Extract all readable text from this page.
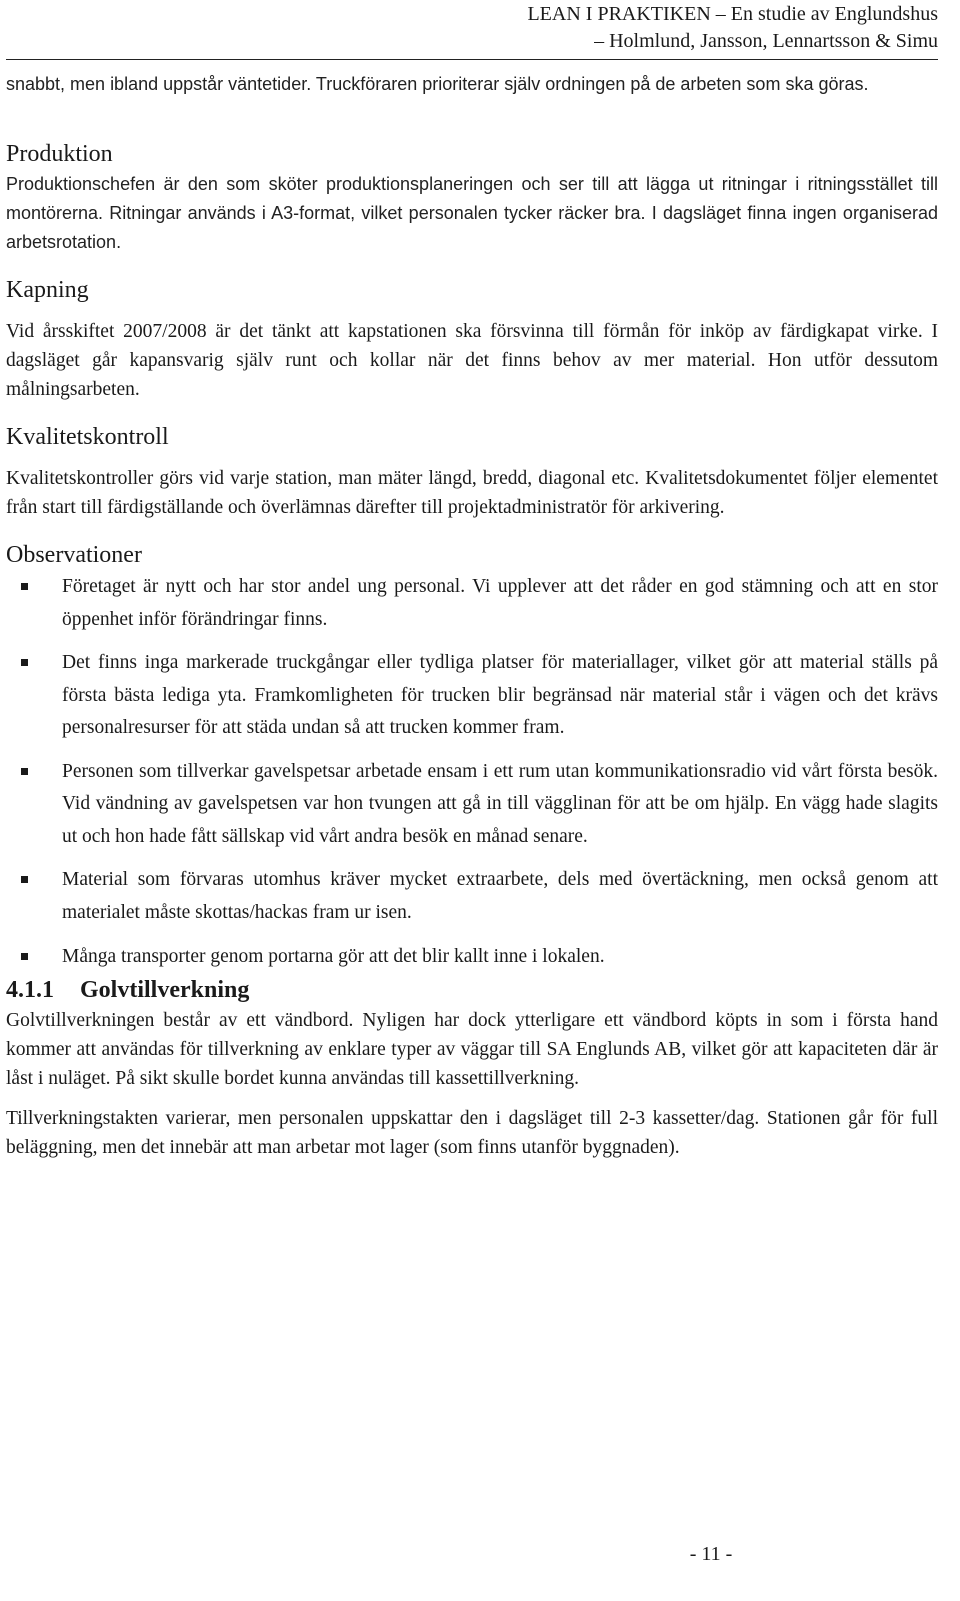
LEAN I PRAKTIKEN – En studie av Englundshus
– Holmlund, Jansson, Lennartsson & Simu

snabbt, men ibland uppstår väntetider. Truckföraren prioriterar själv ordningen på de arbeten som ska göras.

Produktion

Produktionschefen är den som sköter produktionsplaneringen och ser till att lägga ut ritningar i ritningsstället till montörerna. Ritningar används i A3-format, vilket personalen tycker räcker bra. I dagsläget finna ingen organiserad arbetsrotation.

Kapning

Vid årsskiftet 2007/2008 är det tänkt att kapstationen ska försvinna till förmån för inköp av färdigkapat virke. I dagsläget går kapansvarig själv runt och kollar när det finns behov av mer material. Hon utför dessutom målningsarbeten.

Kvalitetskontroll

Kvalitetskontroller görs vid varje station, man mäter längd, bredd, diagonal etc. Kvalitetsdokumentet följer elementet från start till färdigställande och överlämnas därefter till projektadministratör för arkivering.

Observationer
Företaget är nytt och har stor andel ung personal. Vi upplever att det råder en god stämning och att en stor öppenhet inför förändringar finns.
Det finns inga markerade truckgångar eller tydliga platser för materiallager, vilket gör att material ställs på första bästa lediga yta. Framkomligheten för trucken blir begränsad när material står i vägen och det krävs personalresurser för att städa undan så att trucken kommer fram.
Personen som tillverkar gavelspetsar arbetade ensam i ett rum utan kommunikationsradio vid vårt första besök. Vid vändning av gavelspetsen var hon tvungen att gå in till vägglinan för att be om hjälp. En vägg hade slagits ut och hon hade fått sällskap vid vårt andra besök en månad senare.
Material som förvaras utomhus kräver mycket extraarbete, dels med övertäckning, men också genom att materialet måste skottas/hackas fram ur isen.
Många transporter genom portarna gör att det blir kallt inne i lokalen.
4.1.1 Golvtillverkning

Golvtillverkningen består av ett vändbord. Nyligen har dock ytterligare ett vändbord köpts in som i första hand kommer att användas för tillverkning av enklare typer av väggar till SA Englunds AB, vilket gör att kapaciteten där är låst i nuläget. På sikt skulle bordet kunna användas till kassettillverkning.

Tillverkningstakten varierar, men personalen uppskattar den i dagsläget till 2-3 kassetter/dag. Stationen går för full beläggning, men det innebär att man arbetar mot lager (som finns utanför byggnaden).

- 11 -
